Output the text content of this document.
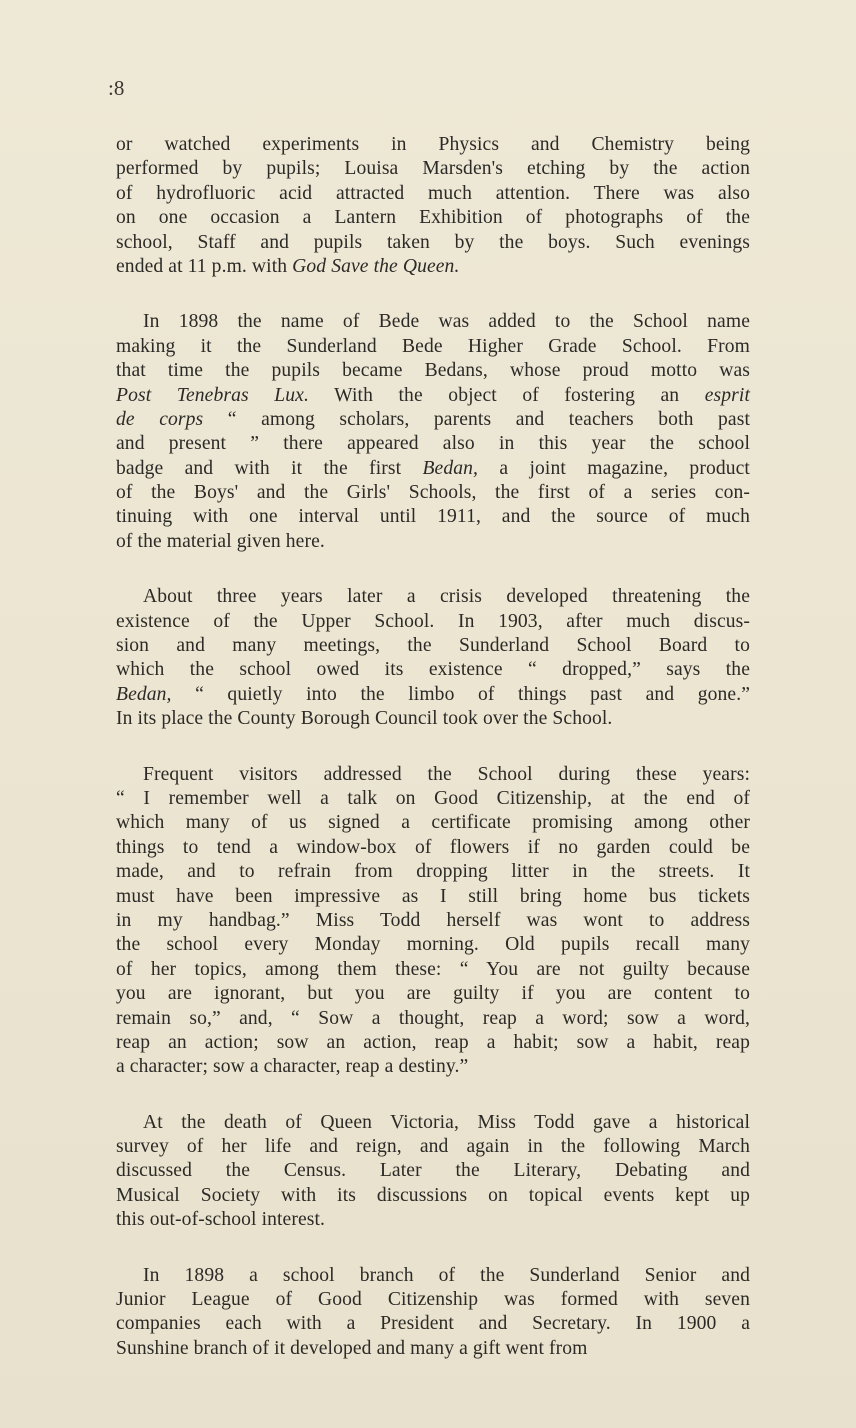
:8
or watched experiments in Physics and Chemistry being
performed by pupils; Louisa Marsden's etching by the action
of hydrofluoric acid attracted much attention. There was also
on one occasion a Lantern Exhibition of photographs of the
school, Staff and pupils taken by the boys. Such evenings
ended at 11 p.m. with God Save the Queen.
In 1898 the name of Bede was added to the School name
making it the Sunderland Bede Higher Grade School. From
that time the pupils became Bedans, whose proud motto was
Post Tenebras Lux. With the object of fostering an esprit
de corps “ among scholars, parents and teachers both past
and present ” there appeared also in this year the school
badge and with it the first Bedan, a joint magazine, product
of the Boys' and the Girls' Schools, the first of a series con-
tinuing with one interval until 1911, and the source of much
of the material given here.
About three years later a crisis developed threatening the
existence of the Upper School. In 1903, after much discus-
sion and many meetings, the Sunderland School Board to
which the school owed its existence “ dropped,” says the
Bedan, “ quietly into the limbo of things past and gone.”
In its place the County Borough Council took over the School.
Frequent visitors addressed the School during these years:
“ I remember well a talk on Good Citizenship, at the end of
which many of us signed a certificate promising among other
things to tend a window-box of flowers if no garden could be
made, and to refrain from dropping litter in the streets. It
must have been impressive as I still bring home bus tickets
in my handbag.” Miss Todd herself was wont to address
the school every Monday morning. Old pupils recall many
of her topics, among them these: “ You are not guilty because
you are ignorant, but you are guilty if you are content to
remain so,” and, “ Sow a thought, reap a word; sow a word,
reap an action; sow an action, reap a habit; sow a habit, reap
a character; sow a character, reap a destiny.”
At the death of Queen Victoria, Miss Todd gave a historical
survey of her life and reign, and again in the following March
discussed the Census. Later the Literary, Debating and
Musical Society with its discussions on topical events kept up
this out-of-school interest.
In 1898 a school branch of the Sunderland Senior and
Junior League of Good Citizenship was formed with seven
companies each with a President and Secretary. In 1900 a
Sunshine branch of it developed and many a gift went from
